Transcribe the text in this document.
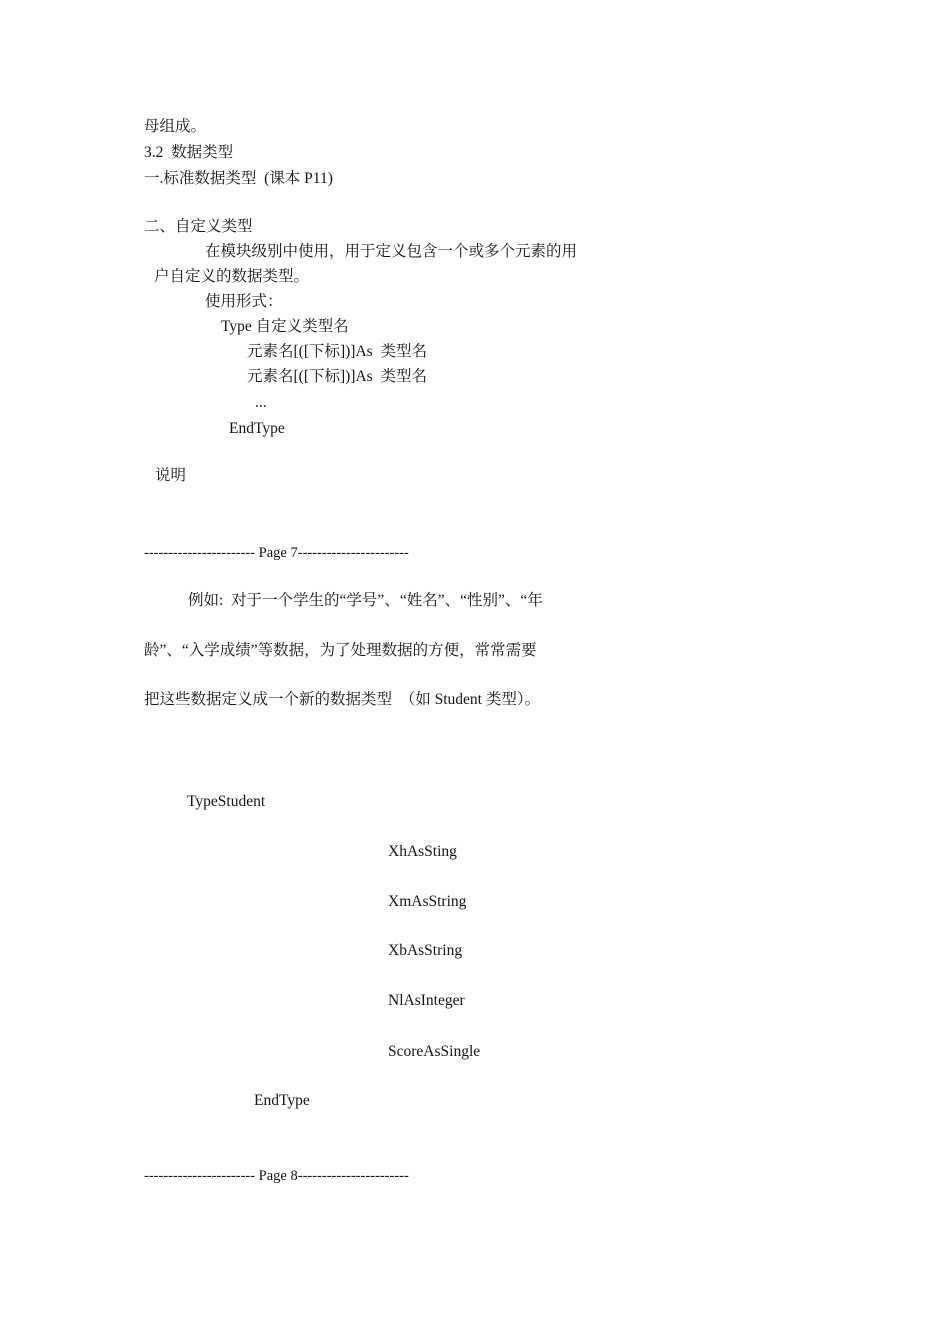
母组成。
3.2  数据类型
一.标准数据类型  (课本 P11)
二、自定义类型
在模块级别中使用，用于定义包含一个或多个元素的用
户自定义的数据类型。
使用形式：
Type 自定义类型名
元素名[([下标])]As  类型名
元素名[([下标])]As  类型名
...
EndType
说明
----------------------- Page 7-----------------------
例如:  对于一个学生的“学号”、“姓名”、“性别”、“年
龄”、“入学成绩”等数据，为了处理数据的方便，常常需要
把这些数据定义成一个新的数据类型  （如 Student 类型）。
TypeStudent
XhAsSting
XmAsString
XbAsString
NlAsInteger
ScoreAsSingle
EndType
----------------------- Page 8-----------------------
